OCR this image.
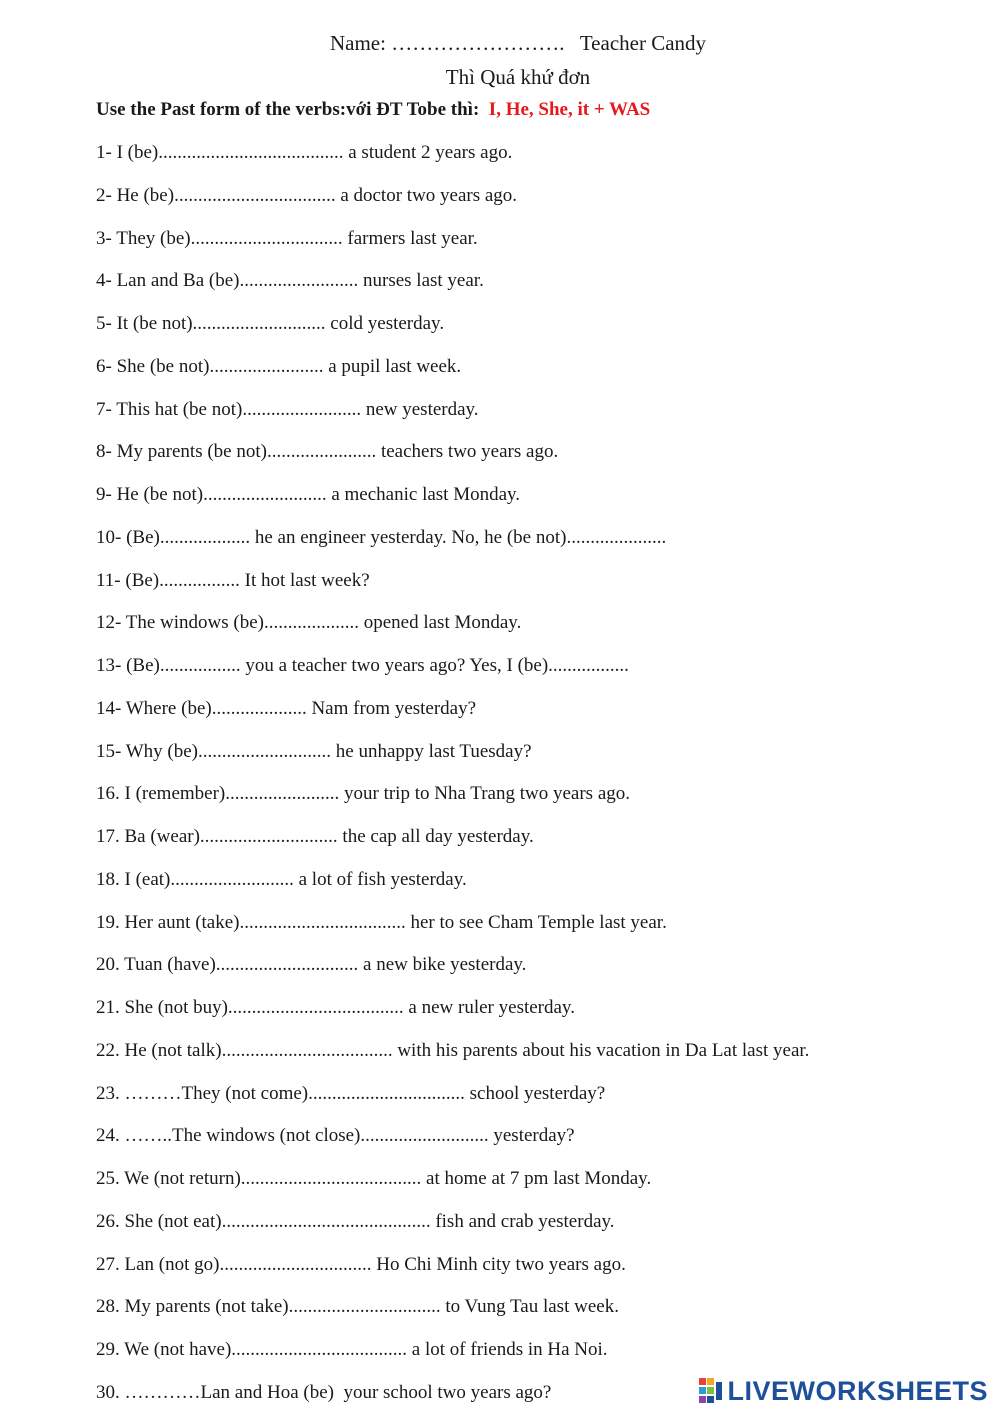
Name: …………………….   Teacher Candy
Thì Quá khứ đơn
Use the Past form of the verbs:với ĐT Tobe thì:  I, He, She, it + WAS
1- I (be)....................................... a student 2 years ago.
2- He (be).................................. a doctor two years ago.
3- They (be)................................ farmers last year.
4- Lan and Ba (be)......................... nurses last year.
5- It (be not)............................ cold yesterday.
6- She (be not)........................ a pupil last week.
7- This hat (be not)......................... new yesterday.
8- My parents (be not)....................... teachers two years ago.
9- He (be not).......................... a mechanic last Monday.
10- (Be)................... he an engineer yesterday. No, he (be not).....................
11- (Be)................. It hot last week?
12- The windows (be).................... opened last Monday.
13- (Be)................. you a teacher two years ago? Yes, I (be).................
14- Where (be).................... Nam from yesterday?
15- Why (be)............................ he unhappy last Tuesday?
16. I (remember)........................ your trip to Nha Trang two years ago.
17. Ba (wear)............................. the cap all day yesterday.
18. I (eat).......................... a lot of fish yesterday.
19. Her aunt (take)................................... her to see Cham Temple last year.
20. Tuan (have).............................. a new bike yesterday.
21. She (not buy)..................................... a new ruler yesterday.
22. He (not talk).................................... with his parents about his vacation in Da Lat last year.
23. ………They (not come)................................. school yesterday?
24. ……..The windows (not close)........................... yesterday?
25. We (not return)...................................... at home at 7 pm last Monday.
26. She (not eat)............................................ fish and crab yesterday.
27. Lan (not go)................................ Ho Chi Minh city two years ago.
28. My parents (not take)................................ to Vung Tau last week.
29. We (not have)..................................... a lot of friends in Ha Noi.
30. …………Lan and Hoa (be)  your school two years ago?	LIVEWORKSHEETS
